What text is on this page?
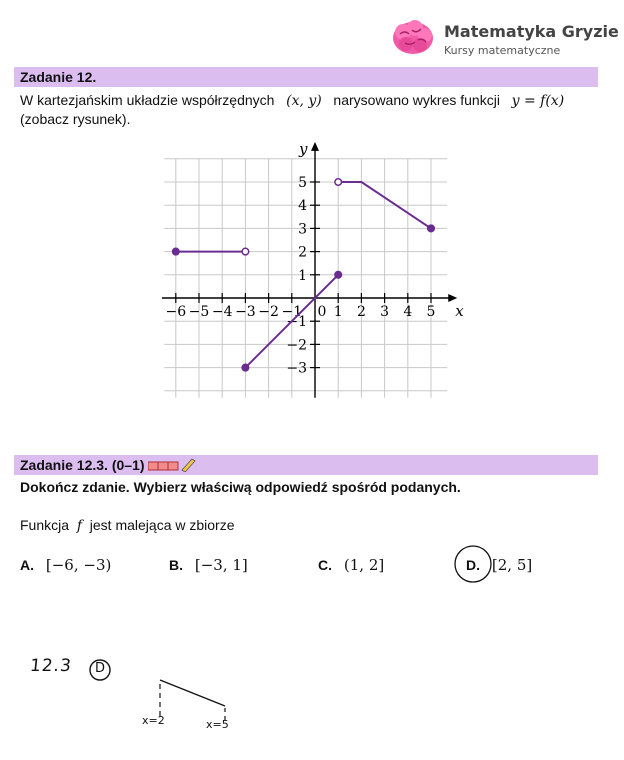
Matematyka Gryzie
Kursy matematyczne
Zadanie 12.
W kartezjańskim układzie współrzędnych (x, y) narysowano wykres funkcji y = f(x)
(zobacz rysunek).
−6 −5 −4 −3 −2 −1 0 1 2 3 4 5
5
4
3
2
1
−1
−2
−3
x
y
Zadanie 12.3. (0–1)
Dokończ zdanie. Wybierz właściwą odpowiedź spośród podanych.
Funkcja f jest malejąca w zbiorze
A. [−6, −3)	B. [−3, 1]	C. (1, 2]	D. [2, 5]
12.3 D
x=2	x=5
